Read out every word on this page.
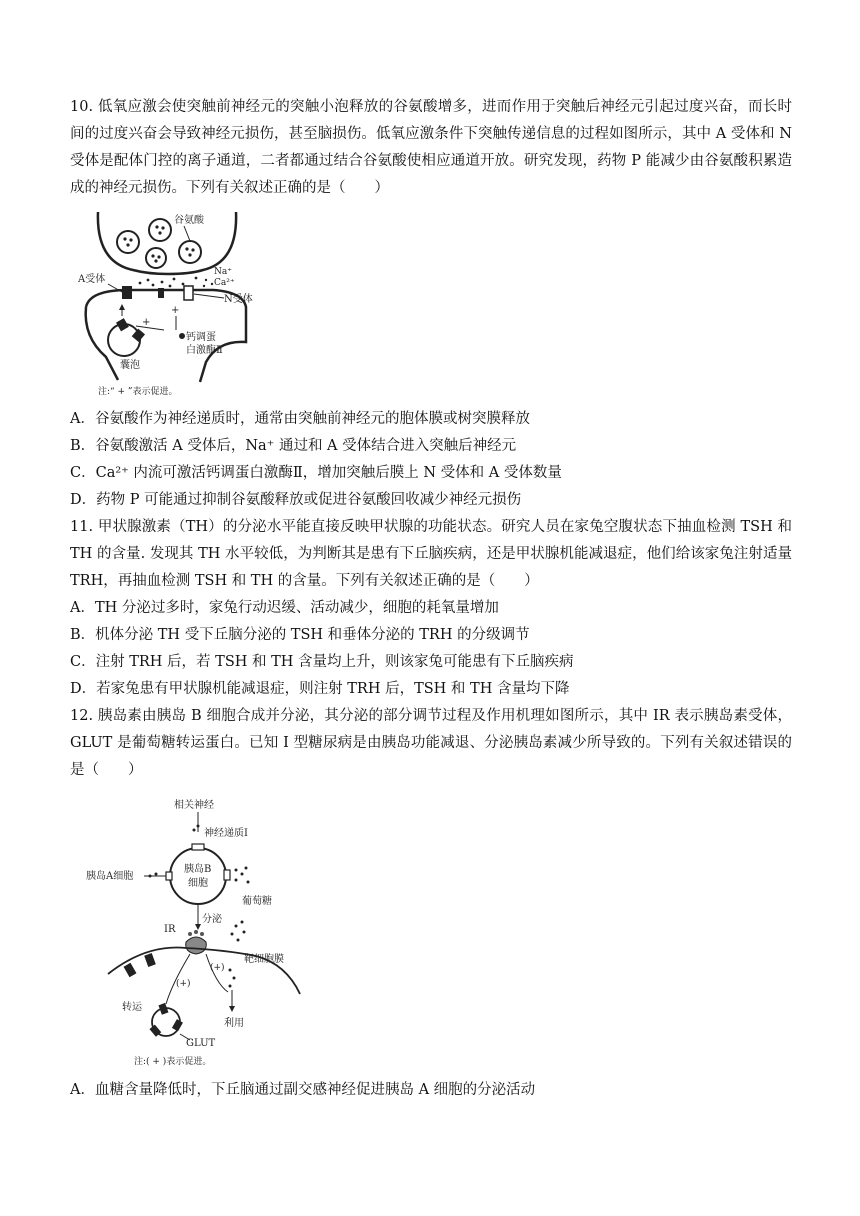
10. 低氧应激会使突触前神经元的突触小泡释放的谷氨酸增多，进而作用于突触后神经元引起过度兴奋，而长时间的过度兴奋会导致神经元损伤，甚至脑损伤。低氧应激条件下突触传递信息的过程如图所示，其中 A 受体和 N 受体是配体门控的离子通道，二者都通过结合谷氨酸使相应通道开放。研究发现，药物 P 能减少由谷氨酸积累造成的神经元损伤。下列有关叙述正确的是（　　）
谷氨酸
Na⁺
Ca²⁺
A受体
N受体
+
+
钙调蛋
白激酶Ⅱ
囊泡
注:“ + ”表示促进。
A．谷氨酸作为神经递质时，通常由突触前神经元的胞体膜或树突膜释放
B．谷氨酸激活 A 受体后，Na⁺ 通过和 A 受体结合进入突触后神经元
C．Ca²⁺ 内流可激活钙调蛋白激酶Ⅱ，增加突触后膜上 N 受体和 A 受体数量
D．药物 P 可能通过抑制谷氨酸释放或促进谷氨酸回收减少神经元损伤
11. 甲状腺激素（TH）的分泌水平能直接反映甲状腺的功能状态。研究人员在家兔空腹状态下抽血检测 TSH 和 TH 的含量. 发现其 TH 水平较低，为判断其是患有下丘脑疾病，还是甲状腺机能减退症，他们给该家兔注射适量 TRH，再抽血检测 TSH 和 TH 的含量。下列有关叙述正确的是（　　）
A．TH 分泌过多时，家兔行动迟缓、活动减少，细胞的耗氧量增加
B．机体分泌 TH 受下丘脑分泌的 TSH 和垂体分泌的 TRH 的分级调节
C．注射 TRH 后，若 TSH 和 TH 含量均上升，则该家兔可能患有下丘脑疾病
D．若家兔患有甲状腺机能减退症，则注射 TRH 后，TSH 和 TH 含量均下降
12. 胰岛素由胰岛 B 细胞合成并分泌，其分泌的部分调节过程及作用机理如图所示，其中 IR 表示胰岛素受体，GLUT 是葡萄糖转运蛋白。已知 I 型糖尿病是由胰岛功能减退、分泌胰岛素减少所导致的。下列有关叙述错误的是（　　）
相关神经
神经递质Ⅰ
胰岛B
细胞
胰岛A细胞
葡萄糖
分泌
IR
靶细胞膜
(+)
(+)
利用
转运
GLUT
注:( + )表示促进。
A．血糖含量降低时，下丘脑通过副交感神经促进胰岛 A 细胞的分泌活动
